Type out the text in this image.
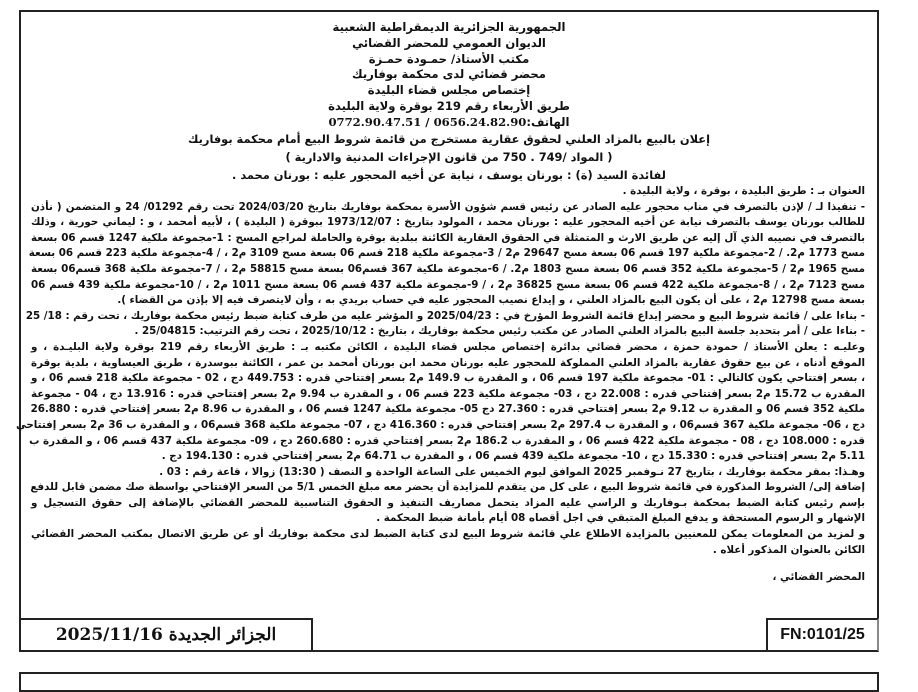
الجمهورية الجزائرية الديمقراطية الشعبية
الديوان العمومي للمحضر القضائي
مكتب الأستاذ/ حمـودة حمـزة
محضر قضائي لدى محكمة بوفاريك
إختصاص مجلس قضاء البليدة
طريق الأربعاء رقم 219 بوقرة ولاية البليدة
الهاتف:0656.24.82.90 / 0772.90.47.51
إعلان بالبيع بالمزاد العلني لحقوق عقارية مستخرج من قائمة شروط البيع أمام محكمة بوفاريك
( المواد /749 . 750 من قانون الإجراءات المدنية والادارية )
لفائدة السيد (ة) : بورنان يوسف ، نيابة عن أخيه المحجور عليه : بورنان محمد .
العنوان بـ : طريق البليدة ، بوقرة ، ولاية البليدة .
- تنفيذا لـ / لإذن بالتصرف في مناب محجور عليه الصادر عن رئيس قسم شؤون الأسرة بمحكمة بوفاريك بتاريخ 2024/03/20 تحت رقم 01292/ 24 و المتضمن ( نأذن
للطالب بورنان يوسف بالتصرف نيابة عن أخيه المحجور عليه : بورنان محمد ، المولود بتاريخ : 1973/12/07 ببوقرة ( البليدة ) ، لأبيه أمحمد ، و : ليماني حورية ، وذلك
بالتصرف في نصيبه الذي آل إليه عن طريق الارث و المتمثلة في الحقوق العقارية الكائنة ببلدية بوقرة والحاملة لمراجع المسح : 1-مجموعة ملكية 1247 قسم 06 بسعة
مسح 1773 م2. / 2-مجموعة ملكية 197 قسم 06 بسعة مسح 29647 م2 / 3-مجموعة ملكية 218 قسم 06 بسعة مسح 3109 م2 ، / 4-مجموعة ملكية 223 قسم 06 بسعة
مسح 1965 م2 / 5-مجموعة ملكية 352 قسم 06 بسعة مسح 1803 م2. / 6-مجموعة ملكية 367 قسم06 بسعة مسح 58815 م2 ، / 7-مجموعة ملكية 368 قسم06 بسعة
مسح 7123 م2 ، / 8-مجموعة ملكية 422 قسم 06 بسعة مسح 36825 م2 ، / 9-مجموعة ملكية 437 قسم 06 بسعة مسح 1011 م2 ، / 10-مجموعة ملكية 439 قسم 06
بسعة مسح 12798 م2 ، على أن يكون البيع بالمزاد العلني ، و إيداع نصيب المحجور عليه في حساب بريدي به ، وأن لايتصرف فيه إلا بإذن من القضاء ).
- بناءا على / قائمة شروط البيع و محضر إيداع قائمة الشروط المؤرخ في : 2025/04/23 و المؤشر عليه من طرف كتابة ضبط رئيس محكمة بوفاريك ، تحت رقم : 18/ 25
- بناءا على / أمر بتحديد جلسة البيع بالمزاد العلني الصادر عن مكتب رئيس محكمة بوفاريك ، بتاريخ : 2025/10/12 ، تحت رقم الترتيب: 25/04815 .
وعليـه : يعلن الأستاذ / حمودة حمزة ، محضر قضائي بدائرة إختصاص مجلس قضاء البليدة ، الكائن مكتبه بـ : طريق الأربعاء رقم 219 بوقرة ولاية البليـدة ، و
الموقع أدناه ، عن بيع حقوق عقارية بالمزاد العلني المملوكة للمحجور عليه بورنان محمد ابن بورنان أمحمد بن عمر ، الكائنة ببوسدرة ، طريق العيساوية ، بلدية بوقرة
، بسعر إفتتاحي يكون كالتالي : 01- مجموعة ملكية 197 قسم 06 ، و المقدرة ب 149.9 م2 بسعر إفتتاحي قدره : 449.753 دج ، 02 - مجموعة ملكية 218 قسم 06 ، و
المقدرة ب 15.72 م2 بسعر إفتتاحي قدره : 22.008 دج ، 03- مجموعة ملكية 223 قسم 06 ، و المقدرة ب 9.94 م2 بسعر إفتتاحي قدره : 13.916 دج ، 04 - مجموعة
ملكية 352 قسم 06 و المقدرة ب 9.12 م2 بسعر إفتتاحي قدره : 27.360 دج 05- مجموعة ملكية 1247 قسم 06 ، و المقدرة ب 8.96 م2 بسعر إفتتاحي قدره : 26.880
دج ، 06- مجموعة ملكية 367 قسم06 ، و المقدرة ب 297.4 م2 بسعر إفتتاحي قدره : 416.360 دج ، 07- مجموعة ملكية 368 قسم06 ، و المقدرة ب 36 م2 بسعر إفتتاحي
قدره : 108.000 دج ، 08 - مجموعة ملكية 422 قسم 06 ، و المقدرة ب 186.2 م2 بسعر إفتتاحي قدره : 260.680 دج ، 09- مجموعة ملكية 437 قسم 06 ، و المقدرة ب
5.11 م2 بسعر إفتتاحي قدره : 15.330 دج ، 10- مجموعة ملكية 439 قسم 06 ، و المقدرة ب 64.71 م2 بسعر إفتتاحي قدره : 194.130 دج .
وهـذا: بمقر محكمة بوفاريك ، بتاريخ 27 نـوفمبر 2025 الموافق ليوم الخميس على الساعة الواحدة و النصف ( 13:30) زوالا ، قاعة رقم : 03 .
إضافة إلى/ الشروط المذكورة في قائمة شروط البيع ، على كل من يتقدم للمزايدة أن يحضر معه مبلغ الخمس 5/1 من السعر الإفتتاحي بواسطة صك مضمن قابل للدفع
بإسم رئيس كتابة الضبط بمحكمة بـوفاريك و الراسي عليه المزاد يتحمل مصاريف التنفيذ و الحقوق التناسبية للمحضر القضائي بالإضافة إلى حقوق التسجيل و
الإشهار و الرسوم المستحقة و يدفع المبلغ المتبقي في اجل أقصاه 08 أيام بأمانة ضبط المحكمة .
و لمزيد من المعلومات يمكن للمعنيين بالمزايدة الاطلاع علي قائمة شروط البيع لدى كتابة الضبط لدى محكمة بوفاريك أو عن طريق الاتصال بمكتب المحضر القضائي
الكائن بالعنوان المذكور أعلاه .
المحضر القضائي ،
الجزائر الجديدة 2025/11/16	FN:0101/25
